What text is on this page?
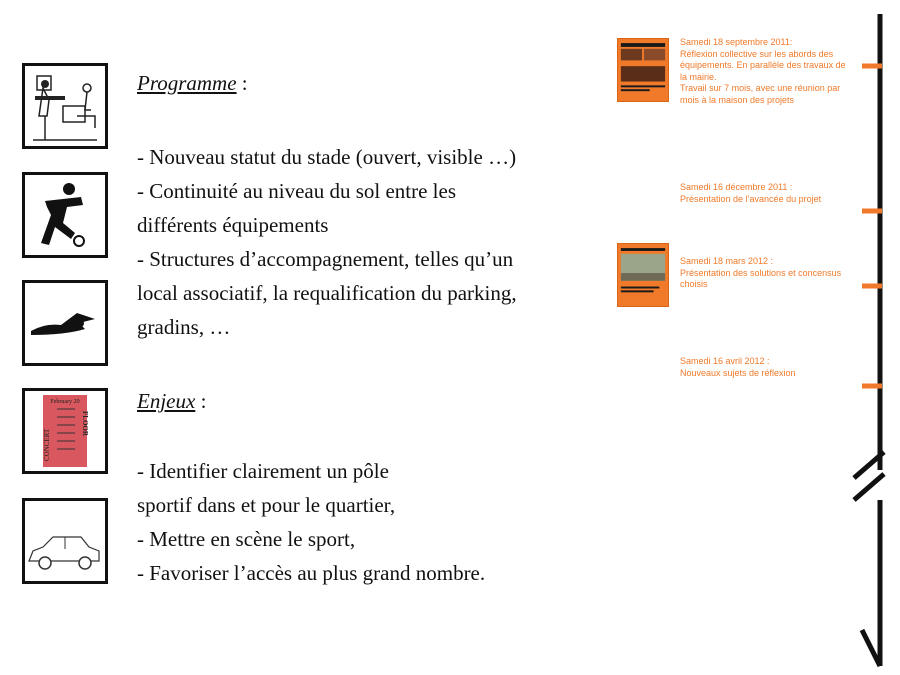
February 20
CONCERT
FLOOR
Programme :
- Nouveau statut du stade (ouvert, visible …)
- Continuité au niveau du sol entre les
différents équipements
- Structures d’accompagnement, telles qu’un
local associatif, la requalification du parking,
gradins, …
Enjeux :
- Identifier clairement un pôle
sportif dans et pour le quartier,
- Mettre en scène le sport,
- Favoriser l’accès au plus grand nombre.
Samedi 18 septembre 2011:
Réflexion collective sur les abords des
équipements. En parallèle des travaux de
la mairie.
Travail sur 7 mois, avec une réunion par
mois à la maison des projets
Samedi 16 décembre 2011 :
Présentation de l’avancée du projet
Samedi 18 mars 2012 :
Présentation des solutions et concensus
choisis
Samedi 16 avril 2012 :
Nouveaux sujets de réflexion
